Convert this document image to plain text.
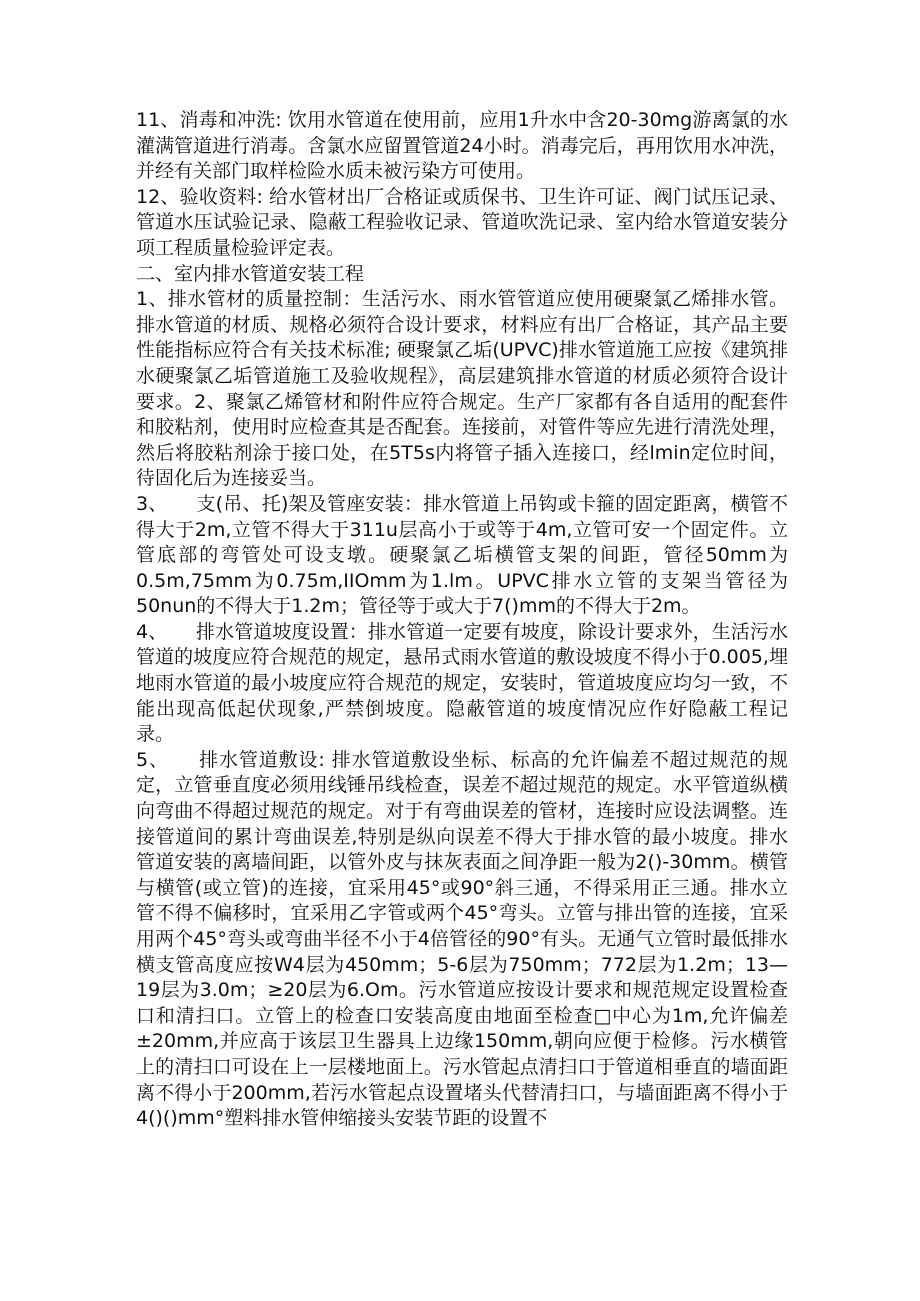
11、消毒和冲洗: 饮用水管道在使用前，应用1升水中含20-30mg游离氯的水灌满管道进行消毒。含氯水应留置管道24小时。消毒完后，再用饮用水冲洗，并经有关部门取样检险水质未被污染方可使用。

12、验收资料: 给水管材出厂合格证或质保书、卫生许可证、阀门试压记录、管道水压试验记录、隐蔽工程验收记录、管道吹洗记录、室内给水管道安装分项工程质量检验评定表。

二、室内排水管道安装工程

1、排水管材的质量控制：生活污水、雨水管管道应使用硬聚氯乙烯排水管。排水管道的材质、规格必须符合设计要求，材料应有出厂合格证，其产品主要性能指标应符合有关技术标准; 硬聚氯乙垢(UPVC)排水管道施工应按《建筑排水硬聚氯乙垢管道施工及验收规程》，高层建筑排水管道的材质必须符合设计要求。2、聚氯乙烯管材和附件应符合规定。生产厂家都有各自适用的配套件和胶粘剂，使用时应检查其是否配套。连接前，对管件等应先进行清洗处理，然后将胶粘剂涂于接口处，在5T5s内将管子插入连接口，经lmin定位时间，待固化后为连接妥当。

3、　　支(吊、托)架及管座安装：排水管道上吊钩或卡箍的固定距离，横管不得大于2m,立管不得大于311u层高小于或等于4m,立管可安一个固定件。立管底部的弯管处可设支墩。硬聚氯乙垢横管支架的间距，管径50mm为0.5m,75mm为0.75m,IIOmm为1.lm。UPVC排水立管的支架当管径为50nun的不得大于1.2m；管径等于或大于7()mm的不得大于2m。

4、　　排水管道坡度设置：排水管道一定要有坡度，除设计要求外，生活污水管道的坡度应符合规范的规定，悬吊式雨水管道的敷设坡度不得小于0.005,埋地雨水管道的最小坡度应符合规范的规定，安装时，管道坡度应均匀一致，不能出现高低起伏现象,严禁倒坡度。隐蔽管道的坡度情况应作好隐蔽工程记录。

5、　　排水管道敷设: 排水管道敷设坐标、标高的允许偏差不超过规范的规定，立管垂直度必须用线锤吊线检查，误差不超过规范的规定。水平管道纵横向弯曲不得超过规范的规定。对于有弯曲误差的管材，连接时应设法调整。连接管道间的累计弯曲误差,特别是纵向误差不得大于排水管的最小坡度。排水管道安装的离墙间距，以管外皮与抹灰表面之间净距一般为2()-30mm。横管与横管(或立管)的连接，宜采用45°或90°斜三通，不得采用正三通。排水立管不得不偏移时，宜采用乙字管或两个45°弯头。立管与排出管的连接，宜采用两个45°弯头或弯曲半径不小于4倍管径的90°有头。无通气立管时最低排水横支管高度应按W4层为450mm；5-6层为750mm；772层为1.2m；13—19层为3.0m；≥20层为6.Om。污水管道应按设计要求和规范规定设置检查口和清扫口。立管上的检查口安装高度由地面至检查□中心为1m,允许偏差±20mm,并应高于该层卫生器具上边缘150mm,朝向应便于检修。污水横管上的清扫口可设在上一层楼地面上。污水管起点清扫口于管道相垂直的墙面距离不得小于200mm,若污水管起点设置堵头代替清扫口，与墙面距离不得小于4()()mm°塑料排水管伸缩接头安装节距的设置不
